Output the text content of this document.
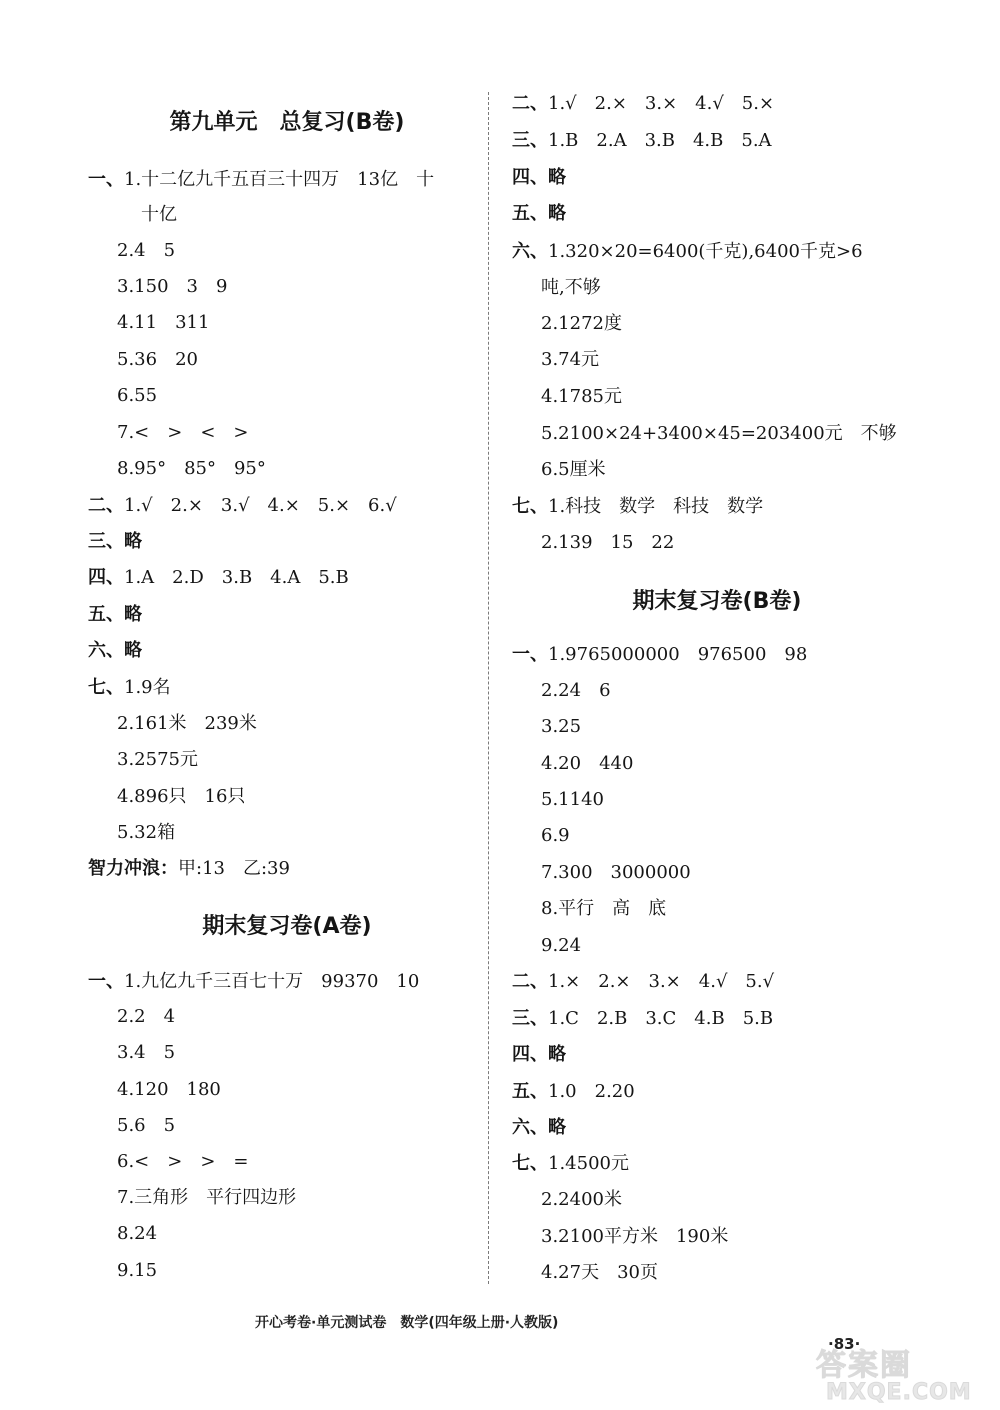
第九单元　总复习(B卷)
一、1.十二亿九千五百三十四万　13亿　十
十亿
2.4　5
3.150　3　9
4.11　311
5.36　20
6.55
7.<　>　<　>
8.95°　85°　95°
二、1.√　2.×　3.√　4.×　5.×　6.√
三、略
四、1.A　2.D　3.B　4.A　5.B
五、略
六、略
七、1.9名
2.161米　239米
3.2575元
4.896只　16只
5.32箱
智力冲浪：甲:13　乙:39
期末复习卷(A卷)
一、1.九亿九千三百七十万　99370　10
2.2　4
3.4　5
4.120　180
5.6　5
6.<　>　>　=
7.三角形　平行四边形
8.24
9.15
二、1.√　2.×　3.×　4.√　5.×
三、1.B　2.A　3.B　4.B　5.A
四、略
五、略
六、1.320×20=6400(千克),6400千克>6
吨,不够
2.1272度
3.74元
4.1785元
5.2100×24+3400×45=203400元　不够
6.5厘米
七、1.科技　数学　科技　数学
2.139　15　22
期末复习卷(B卷)
一、1.9765000000　976500　98
2.24　6
3.25
4.20　440
5.1140
6.9
7.300　3000000
8.平行　高　底
9.24
二、1.×　2.×　3.×　4.√　5.√
三、1.C　2.B　3.C　4.B　5.B
四、略
五、1.0　2.20
六、略
七、1.4500元
2.2400米
3.2100平方米　190米
4.27天　30页
开心考卷·单元测试卷　数学(四年级上册·人教版)
·83·
答案圈
MXQE.COM
